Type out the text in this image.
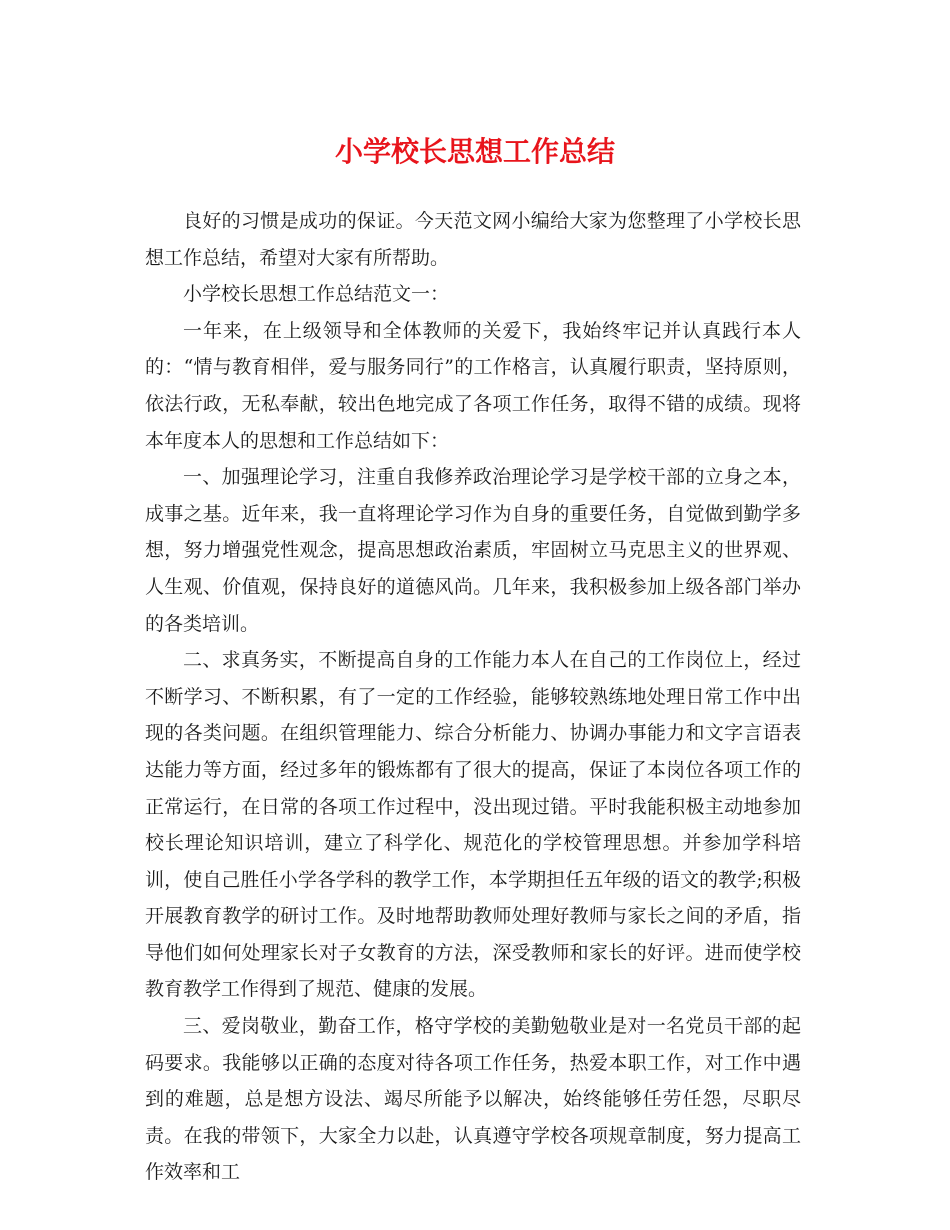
小学校长思想工作总结

良好的习惯是成功的保证。今天范文网小编给大家为您整理了小学校长思想工作总结，希望对大家有所帮助。

小学校长思想工作总结范文一：

一年来，在上级领导和全体教师的关爱下，我始终牢记并认真践行本人的：“情与教育相伴，爱与服务同行”的工作格言，认真履行职责，坚持原则，依法行政，无私奉献，较出色地完成了各项工作任务，取得不错的成绩。现将本年度本人的思想和工作总结如下：

一、加强理论学习，注重自我修养政治理论学习是学校干部的立身之本，成事之基。近年来，我一直将理论学习作为自身的重要任务，自觉做到勤学多想，努力增强党性观念，提高思想政治素质，牢固树立马克思主义的世界观、人生观、价值观，保持良好的道德风尚。几年来，我积极参加上级各部门举办的各类培训。

二、求真务实，不断提高自身的工作能力本人在自己的工作岗位上，经过不断学习、不断积累，有了一定的工作经验，能够较熟练地处理日常工作中出现的各类问题。在组织管理能力、综合分析能力、协调办事能力和文字言语表达能力等方面，经过多年的锻炼都有了很大的提高，保证了本岗位各项工作的正常运行，在日常的各项工作过程中，没出现过错。平时我能积极主动地参加校长理论知识培训，建立了科学化、规范化的学校管理思想。并参加学科培训，使自己胜任小学各学科的教学工作，本学期担任五年级的语文的教学;积极开展教育教学的研讨工作。及时地帮助教师处理好教师与家长之间的矛盾，指导他们如何处理家长对子女教育的方法，深受教师和家长的好评。进而使学校教育教学工作得到了规范、健康的发展。

三、爱岗敬业，勤奋工作，格守学校的美勤勉敬业是对一名党员干部的起码要求。我能够以正确的态度对待各项工作任务，热爱本职工作，对工作中遇到的难题，总是想方设法、竭尽所能予以解决，始终能够任劳任怨，尽职尽责。在我的带领下，大家全力以赴，认真遵守学校各项规章制度，努力提高工作效率和工
